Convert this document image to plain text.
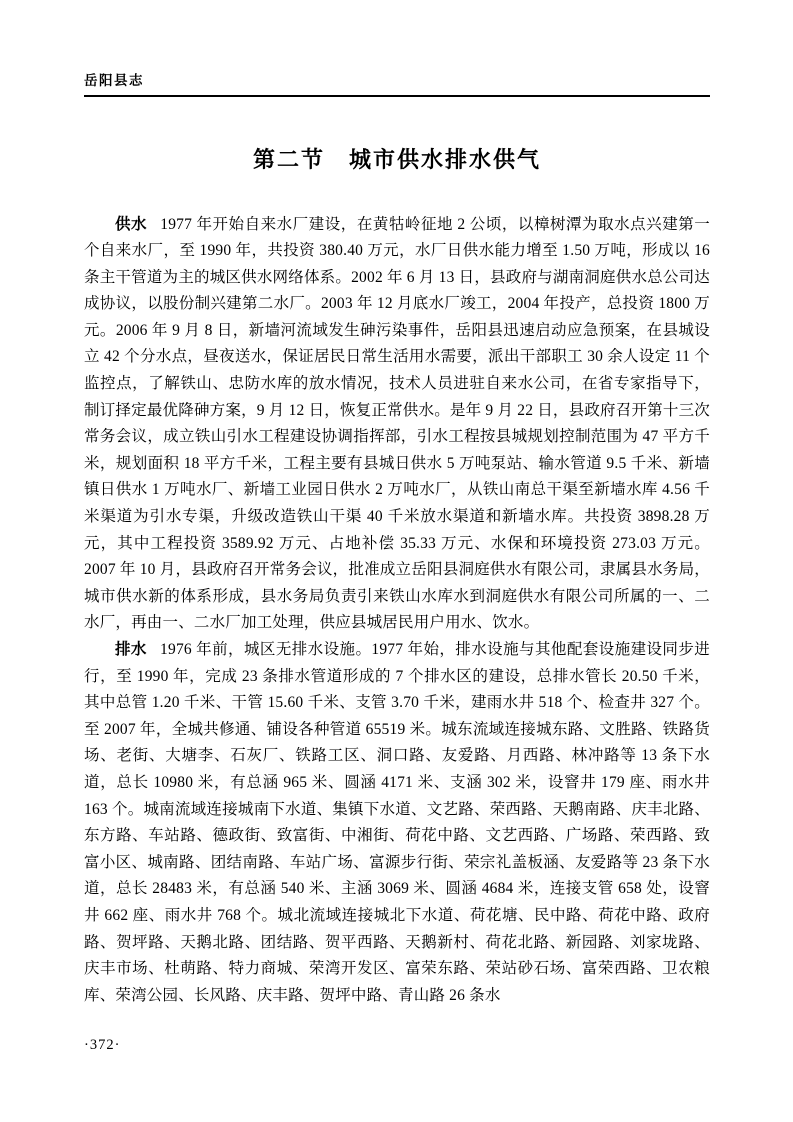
岳阳县志
第二节　城市供水排水供气

供水 1977 年开始自来水厂建设，在黄牯岭征地 2 公顷，以樟树潭为取水点兴建第一个自来水厂，至 1990 年，共投资 380.40 万元，水厂日供水能力增至 1.50 万吨，形成以 16 条主干管道为主的城区供水网络体系。2002 年 6 月 13 日，县政府与湖南洞庭供水总公司达成协议，以股份制兴建第二水厂。2003 年 12 月底水厂竣工，2004 年投产，总投资 1800 万元。2006 年 9 月 8 日，新墙河流域发生砷污染事件，岳阳县迅速启动应急预案，在县城设立 42 个分水点，昼夜送水，保证居民日常生活用水需要，派出干部职工 30 余人设定 11 个监控点，了解铁山、忠防水库的放水情况，技术人员进驻自来水公司，在省专家指导下，制订择定最优降砷方案，9 月 12 日，恢复正常供水。是年 9 月 22 日，县政府召开第十三次常务会议，成立铁山引水工程建设协调指挥部，引水工程按县城规划控制范围为 47 平方千米，规划面积 18 平方千米，工程主要有县城日供水 5 万吨泵站、输水管道 9.5 千米、新墙镇日供水 1 万吨水厂、新墙工业园日供水 2 万吨水厂，从铁山南总干渠至新墙水库 4.56 千米渠道为引水专渠，升级改造铁山干渠 40 千米放水渠道和新墙水库。共投资 3898.28 万元，其中工程投资 3589.92 万元、占地补偿 35.33 万元、水保和环境投资 273.03 万元。2007 年 10 月，县政府召开常务会议，批准成立岳阳县洞庭供水有限公司，隶属县水务局，城市供水新的体系形成，县水务局负责引来铁山水库水到洞庭供水有限公司所属的一、二水厂，再由一、二水厂加工处理，供应县城居民用户用水、饮水。

排水 1976 年前，城区无排水设施。1977 年始，排水设施与其他配套设施建设同步进行，至 1990 年，完成 23 条排水管道形成的 7 个排水区的建设，总排水管长 20.50 千米，其中总管 1.20 千米、干管 15.60 千米、支管 3.70 千米，建雨水井 518 个、检查井 327 个。至 2007 年，全城共修通、铺设各种管道 65519 米。城东流域连接城东路、文胜路、铁路货场、老街、大塘李、石灰厂、铁路工区、洞口路、友爱路、月西路、林冲路等 13 条下水道，总长 10980 米，有总涵 965 米、圆涵 4171 米、支涵 302 米，设窨井 179 座、雨水井 163 个。城南流域连接城南下水道、集镇下水道、文艺路、荣西路、天鹅南路、庆丰北路、东方路、车站路、德政街、致富街、中湘街、荷花中路、文艺西路、广场路、荣西路、致富小区、城南路、团结南路、车站广场、富源步行街、荣宗礼盖板涵、友爱路等 23 条下水道，总长 28483 米，有总涵 540 米、主涵 3069 米、圆涵 4684 米，连接支管 658 处，设窨井 662 座、雨水井 768 个。城北流域连接城北下水道、荷花塘、民中路、荷花中路、政府路、贺坪路、天鹅北路、团结路、贺平西路、天鹅新村、荷花北路、新园路、刘家垅路、庆丰市场、杜萌路、特力商城、荣湾开发区、富荣东路、荣站砂石场、富荣西路、卫农粮库、荣湾公园、长风路、庆丰路、贺坪中路、青山路 26 条水

·372·
